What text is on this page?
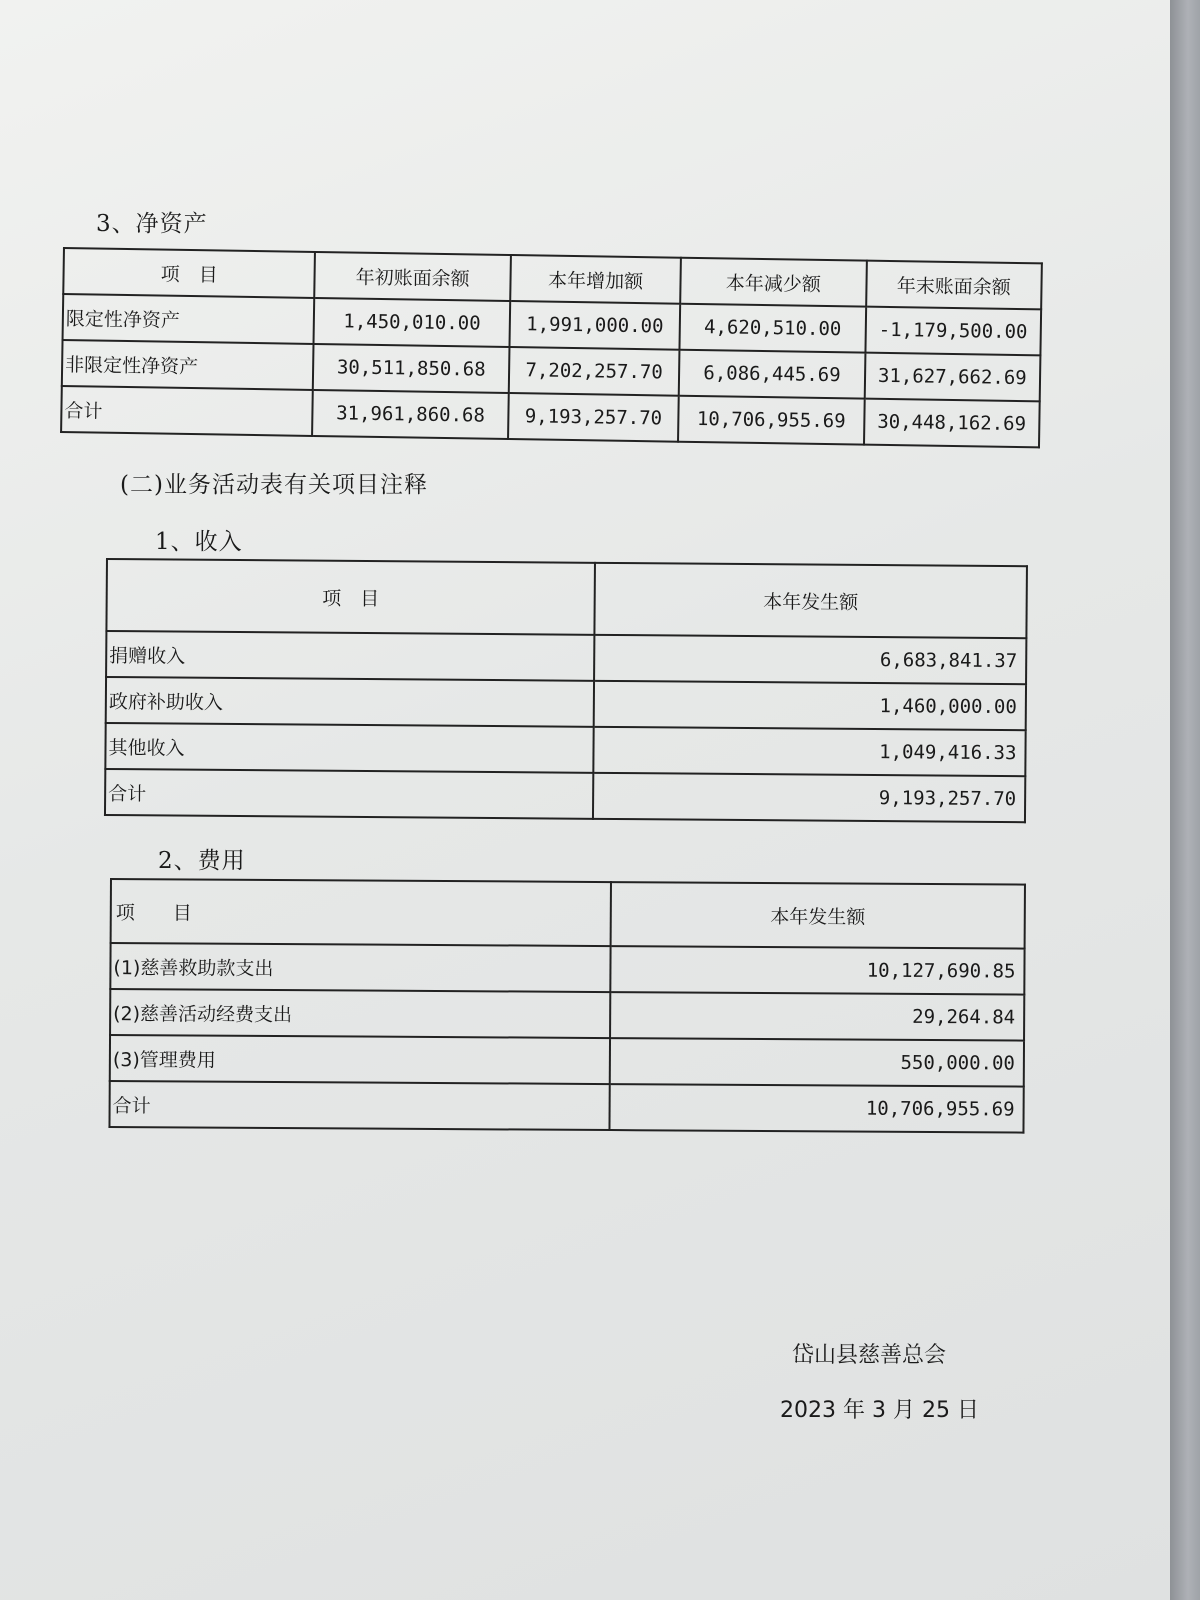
3、净资产
项　目	年初账面余额	本年增加额	本年减少额	年末账面余额
限定性净资产	1,450,010.00	1,991,000.00	4,620,510.00	-1,179,500.00
非限定性净资产	30,511,850.68	7,202,257.70	6,086,445.69	31,627,662.69
合计	31,961,860.68	9,193,257.70	10,706,955.69	30,448,162.69
(二)业务活动表有关项目注释
1、收入
项　目	本年发生额
捐赠收入	6,683,841.37
政府补助收入	1,460,000.00
其他收入	1,049,416.33
合计	9,193,257.70
2、费用
项　　目	本年发生额
(1)慈善救助款支出	10,127,690.85
(2)慈善活动经费支出	29,264.84
(3)管理费用	550,000.00
合计	10,706,955.69
岱山县慈善总会
2023 年 3 月 25 日
